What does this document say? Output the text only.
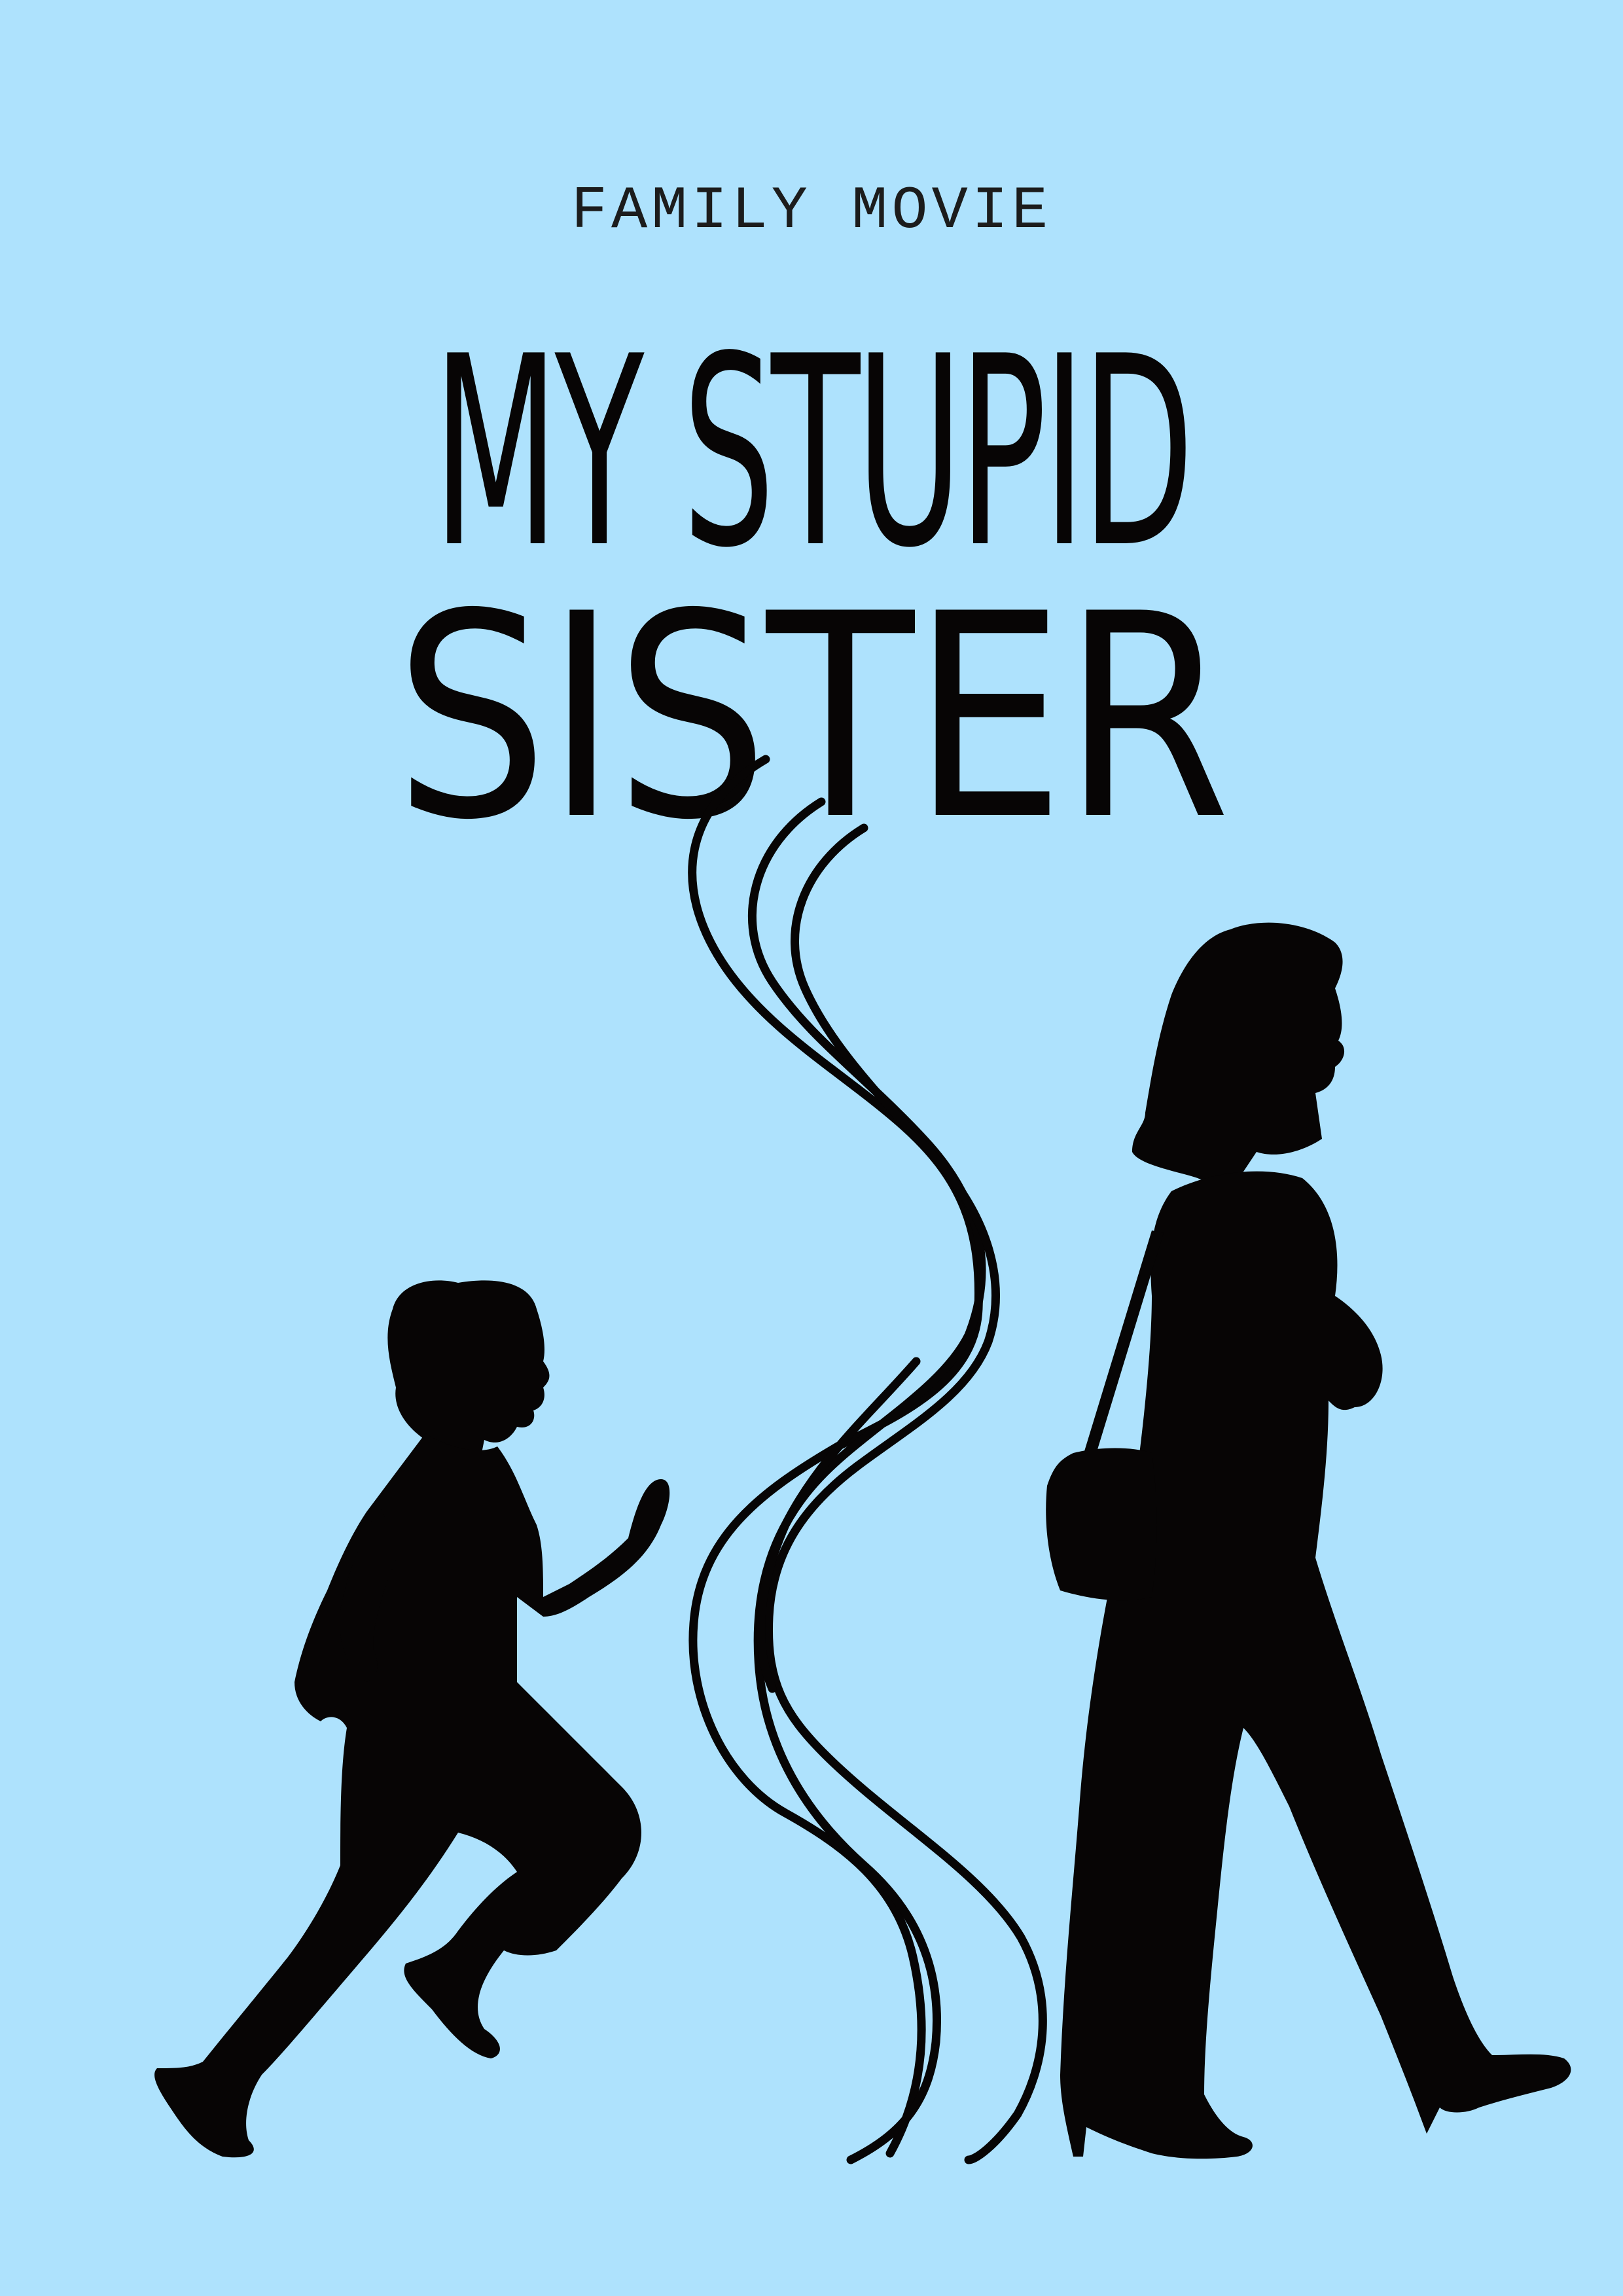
FAMILY MOVIE
MY STUPID
SISTER
